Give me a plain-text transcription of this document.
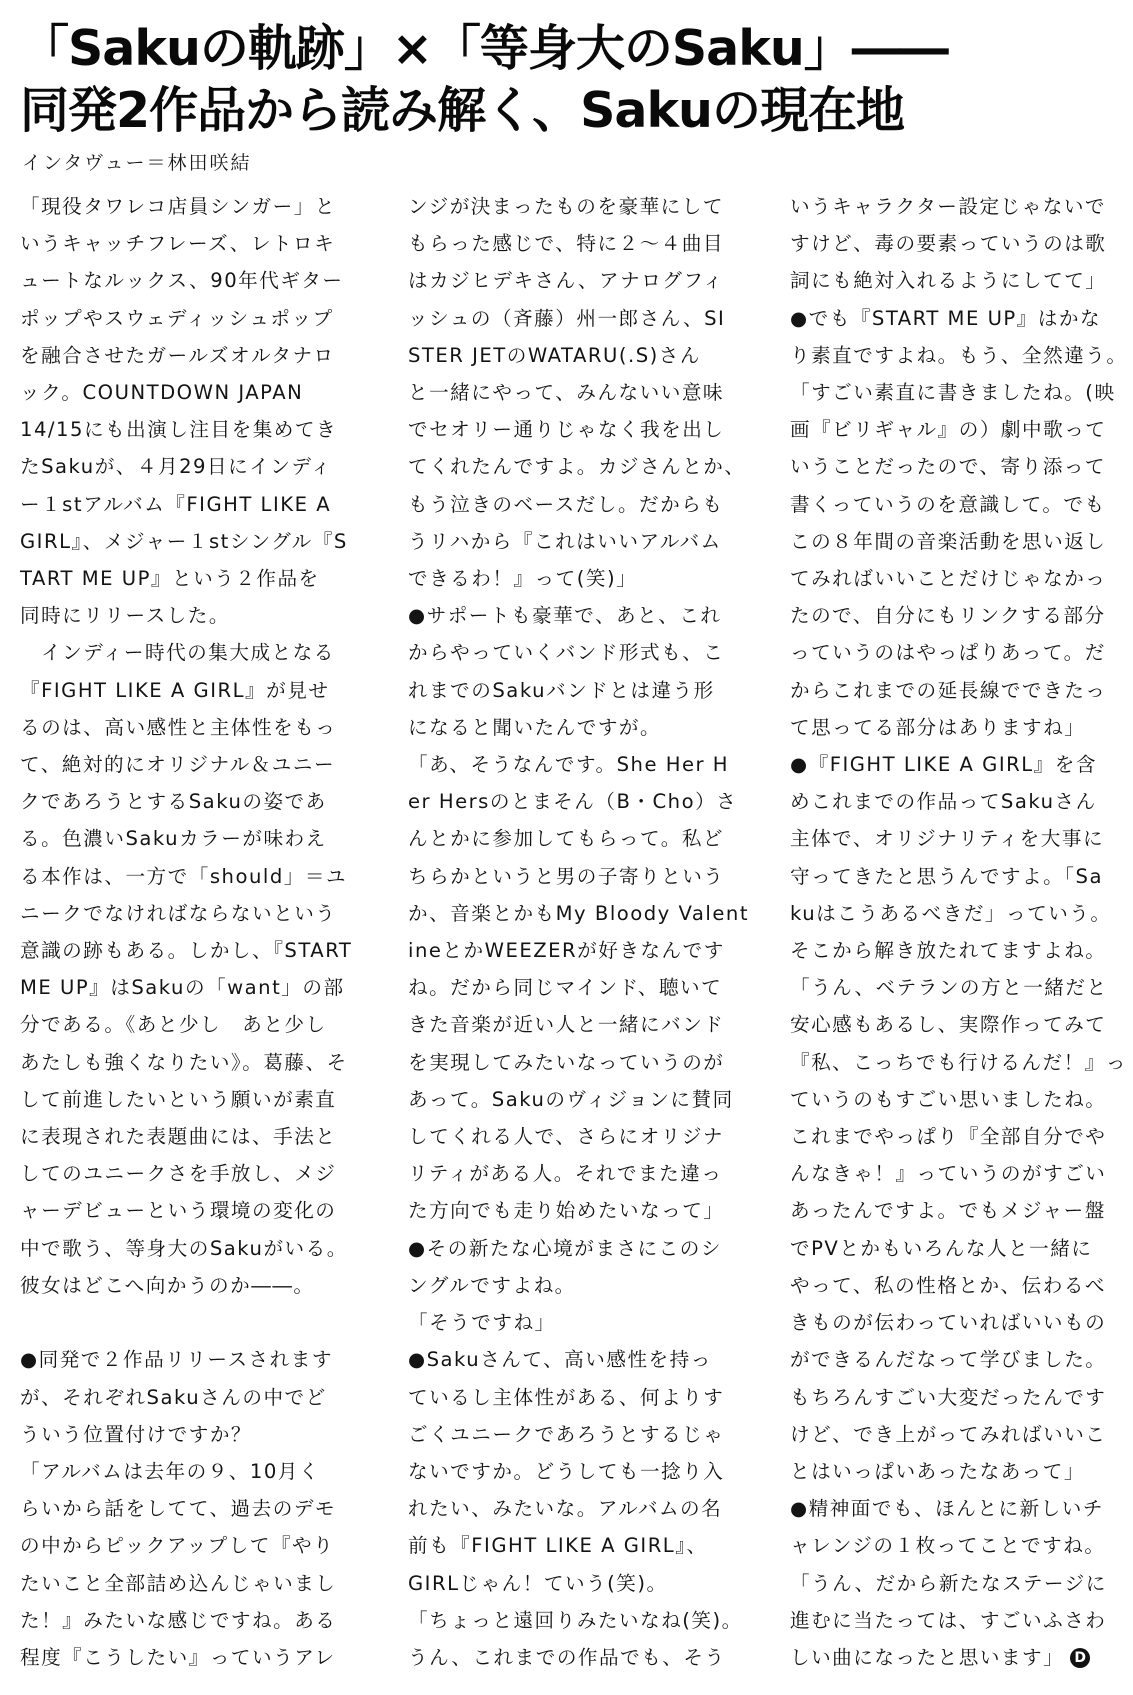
「Sakuの軌跡」×「等身大のSaku」――
同発2作品から読み解く、Sakuの現在地
インタヴュー＝林田咲結

「現役タワレコ店員シンガー」と

いうキャッチフレーズ、レトロキ

ュートなルックス、90年代ギター

ポップやスウェディッシュポップ

を融合させたガールズオルタナロ

ック。COUNTDOWN JAPAN

14/15にも出演し注目を集めてき

たSakuが、４月29日にインディ

ー１stアルバム『FIGHT LIKE A

GIRL』、メジャー１stシングル『S

TART ME UP』という２作品を

同時にリリースした。

　インディー時代の集大成となる

『FIGHT LIKE A GIRL』が見せ

るのは、高い感性と主体性をもっ

て、絶対的にオリジナル＆ユニー

クであろうとするSakuの姿であ

る。色濃いSakuカラーが味わえ

る本作は、一方で「should」＝ユ

ニークでなければならないという

意識の跡もある。しかし、『START

ME UP』はSakuの「want」の部

分である。《あと少し　あと少し

あたしも強くなりたい》。葛藤、そ

して前進したいという願いが素直

に表現された表題曲には、手法と

してのユニークさを手放し、メジ

ャーデビューという環境の変化の

中で歌う、等身大のSakuがいる。

彼女はどこへ向かうのか――。

●同発で２作品リリースされます

が、それぞれSakuさんの中でど

ういう位置付けですか？

「アルバムは去年の９、10月く

らいから話をしてて、過去のデモ

の中からピックアップして『やり

たいこと全部詰め込んじゃいまし

た！』みたいな感じですね。ある

程度『こうしたい』っていうアレ

ンジが決まったものを豪華にして

もらった感じで、特に２～４曲目

はカジヒデキさん、アナログフィ

ッシュの（斉藤）州一郎さん、SI

STER JETのWATARU(.S)さん

と一緒にやって、みんないい意味

でセオリー通りじゃなく我を出し

てくれたんですよ。カジさんとか、

もう泣きのベースだし。だからも

うリハから『これはいいアルバム

できるわ！』って(笑)」

●サポートも豪華で、あと、これ

からやっていくバンド形式も、こ

れまでのSakuバンドとは違う形

になると聞いたんですが。

「あ、そうなんです。She Her H

er Hersのとまそん（B・Cho）さ

んとかに参加してもらって。私ど

ちらかというと男の子寄りという

か、音楽とかもMy Bloody Valent

ineとかWEEZERが好きなんです

ね。だから同じマインド、聴いて

きた音楽が近い人と一緒にバンド

を実現してみたいなっていうのが

あって。Sakuのヴィジョンに賛同

してくれる人で、さらにオリジナ

リティがある人。それでまた違っ

た方向でも走り始めたいなって」

●その新たな心境がまさにこのシ

ングルですよね。

「そうですね」

●Sakuさんて、高い感性を持っ

ているし主体性がある、何よりす

ごくユニークであろうとするじゃ

ないですか。どうしても一捻り入

れたい、みたいな。アルバムの名

前も『FIGHT LIKE A GIRL』、

GIRLじゃん！ていう(笑)。

「ちょっと遠回りみたいなね(笑)。

うん、これまでの作品でも、そう

いうキャラクター設定じゃないで

すけど、毒の要素っていうのは歌

詞にも絶対入れるようにしてて」

●でも『START ME UP』はかな

り素直ですよね。もう、全然違う。

「すごい素直に書きましたね。(映

画『ビリギャル』の）劇中歌って

いうことだったので、寄り添って

書くっていうのを意識して。でも

この８年間の音楽活動を思い返し

てみればいいことだけじゃなかっ

たので、自分にもリンクする部分

っていうのはやっぱりあって。だ

からこれまでの延長線でできたっ

て思ってる部分はありますね」

●『FIGHT LIKE A GIRL』を含

めこれまでの作品ってSakuさん

主体で、オリジナリティを大事に

守ってきたと思うんですよ。「Sa

kuはこうあるべきだ」っていう。

そこから解き放たれてますよね。

「うん、ベテランの方と一緒だと

安心感もあるし、実際作ってみて

『私、こっちでも行けるんだ！』っ

ていうのもすごい思いましたね。

これまでやっぱり『全部自分でや

んなきゃ！』っていうのがすごい

あったんですよ。でもメジャー盤

でPVとかもいろんな人と一緒に

やって、私の性格とか、伝わるべ

きものが伝わっていればいいもの

ができるんだなって学びました。

もちろんすごい大変だったんです

けど、でき上がってみればいいこ

とはいっぱいあったなあって」

●精神面でも、ほんとに新しいチ

ャレンジの１枚ってことですね。

「うん、だから新たなステージに

進むに当たっては、すごいふさわ

しい曲になったと思います」 D
